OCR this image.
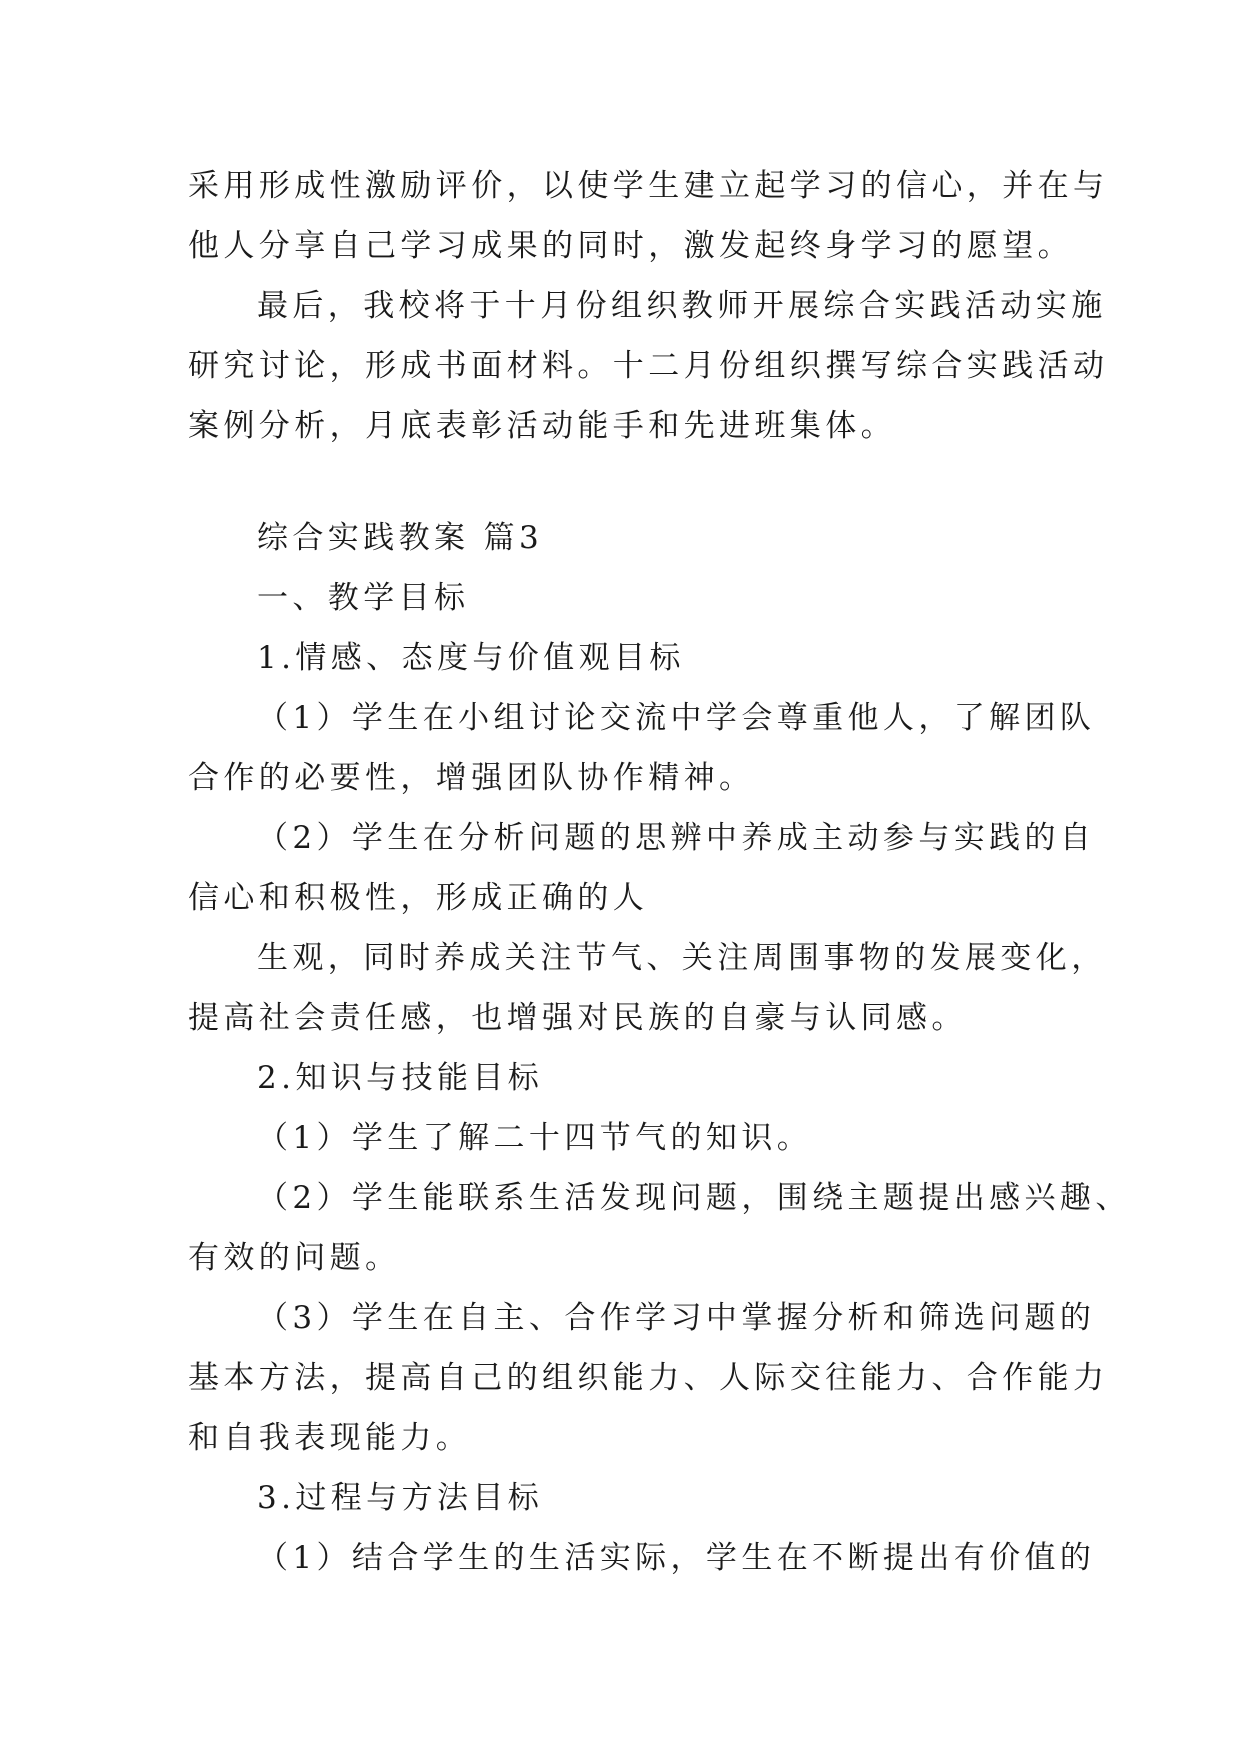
采用形成性激励评价，以使学生建立起学习的信心，并在与
他人分享自己学习成果的同时，激发起终身学习的愿望。
最后，我校将于十月份组织教师开展综合实践活动实施
研究讨论，形成书面材料。十二月份组织撰写综合实践活动
案例分析，月底表彰活动能手和先进班集体。
综合实践教案 篇3
一、教学目标
1.情感、态度与价值观目标
（1）学生在小组讨论交流中学会尊重他人，了解团队
合作的必要性，增强团队协作精神。
（2）学生在分析问题的思辨中养成主动参与实践的自
信心和积极性，形成正确的人
生观，同时养成关注节气、关注周围事物的发展变化，
提高社会责任感，也增强对民族的自豪与认同感。
2.知识与技能目标
（1）学生了解二十四节气的知识。
（2）学生能联系生活发现问题，围绕主题提出感兴趣、
有效的问题。
（3）学生在自主、合作学习中掌握分析和筛选问题的
基本方法，提高自己的组织能力、人际交往能力、合作能力
和自我表现能力。
3.过程与方法目标
（1）结合学生的生活实际，学生在不断提出有价值的
